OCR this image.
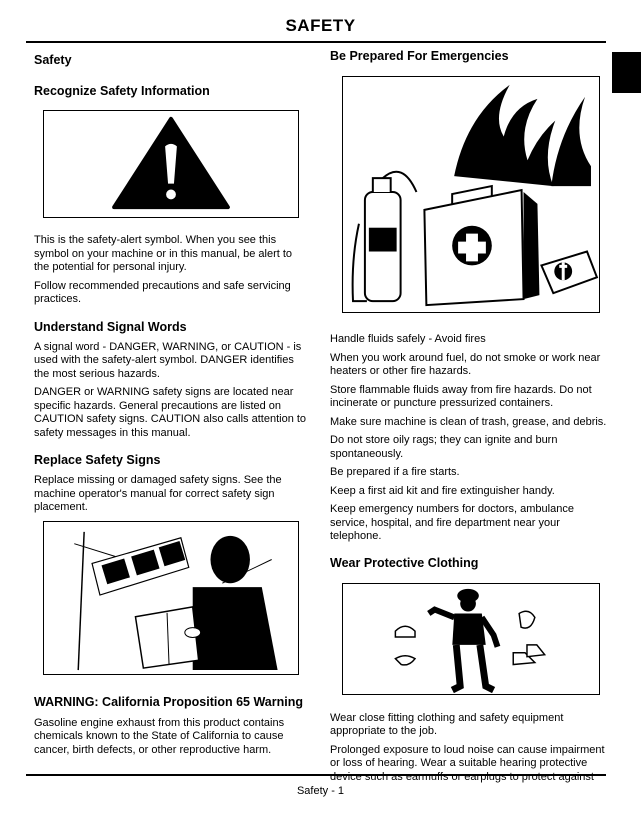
SAFETY
Safety
Recognize Safety Information

This is the safety-alert symbol. When you see this symbol on your machine or in this manual, be alert to the potential for personal injury.

Follow recommended precautions and safe servicing practices.

Understand Signal Words

A signal word - DANGER, WARNING, or CAUTION - is used with the safety-alert symbol. DANGER identifies the most serious hazards.

DANGER or WARNING safety signs are located near specific hazards. General precautions are listed on CAUTION safety signs. CAUTION also calls attention to safety messages in this manual.

Replace Safety Signs

Replace missing or damaged safety signs. See the machine operator's manual for correct safety sign placement.

WARNING: California Proposition 65 Warning

Gasoline engine exhaust from this product contains chemicals known to the State of California to cause cancer, birth defects, or other reproductive harm.

Be Prepared For Emergencies

Handle fluids safely - Avoid fires

When you work around fuel, do not smoke or work near heaters or other fire hazards.

Store flammable fluids away from fire hazards. Do not incinerate or puncture pressurized containers.

Make sure machine is clean of trash, grease, and debris.

Do not store oily rags; they can ignite and burn spontaneously.

Be prepared if a fire starts.

Keep a first aid kit and fire extinguisher handy.

Keep emergency numbers for doctors, ambulance service, hospital, and fire department near your telephone.

Wear Protective Clothing

Wear close fitting clothing and safety equipment appropriate to the job.

Prolonged exposure to loud noise can cause impairment or loss of hearing. Wear a suitable hearing protective device such as earmuffs or earplugs to protect against

Safety - 1
